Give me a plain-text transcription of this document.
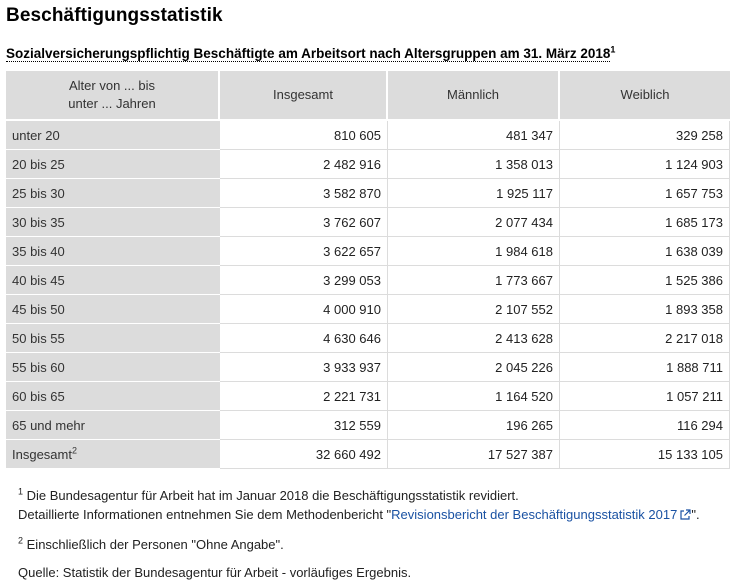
Beschäftigungsstatistik

Sozialversicherungspflichtig Beschäftigte am Arbeitsort nach Altersgruppen am 31. März 2018$^1$

Alter von ... bis
unter ... Jahren	Insgesamt	Männlich	Weiblich
unter 20	810 605	481 347	329 258
20 bis 25	2 482 916	1 358 013	1 124 903
25 bis 30	3 582 870	1 925 117	1 657 753
30 bis 35	3 762 607	2 077 434	1 685 173
35 bis 40	3 622 657	1 984 618	1 638 039
40 bis 45	3 299 053	1 773 667	1 525 386
45 bis 50	4 000 910	2 107 552	1 893 358
50 bis 55	4 630 646	2 413 628	2 217 018
55 bis 60	3 933 937	2 045 226	1 888 711
60 bis 65	2 221 731	1 164 520	1 057 211
65 und mehr	312 559	196 265	116 294
Insgesamt$^2$	32 660 492	17 527 387	15 133 105

$^1$ Die Bundesagentur für Arbeit hat im Januar 2018 die Beschäftigungsstatistik revidiert.

Detaillierte Informationen entnehmen Sie dem Methodenbericht "Revisionsbericht der Beschäftigungsstatistik 2017 ".

$^2$ Einschließlich der Personen "Ohne Angabe".

Quelle: Statistik der Bundesagentur für Arbeit - vorläufiges Ergebnis.
